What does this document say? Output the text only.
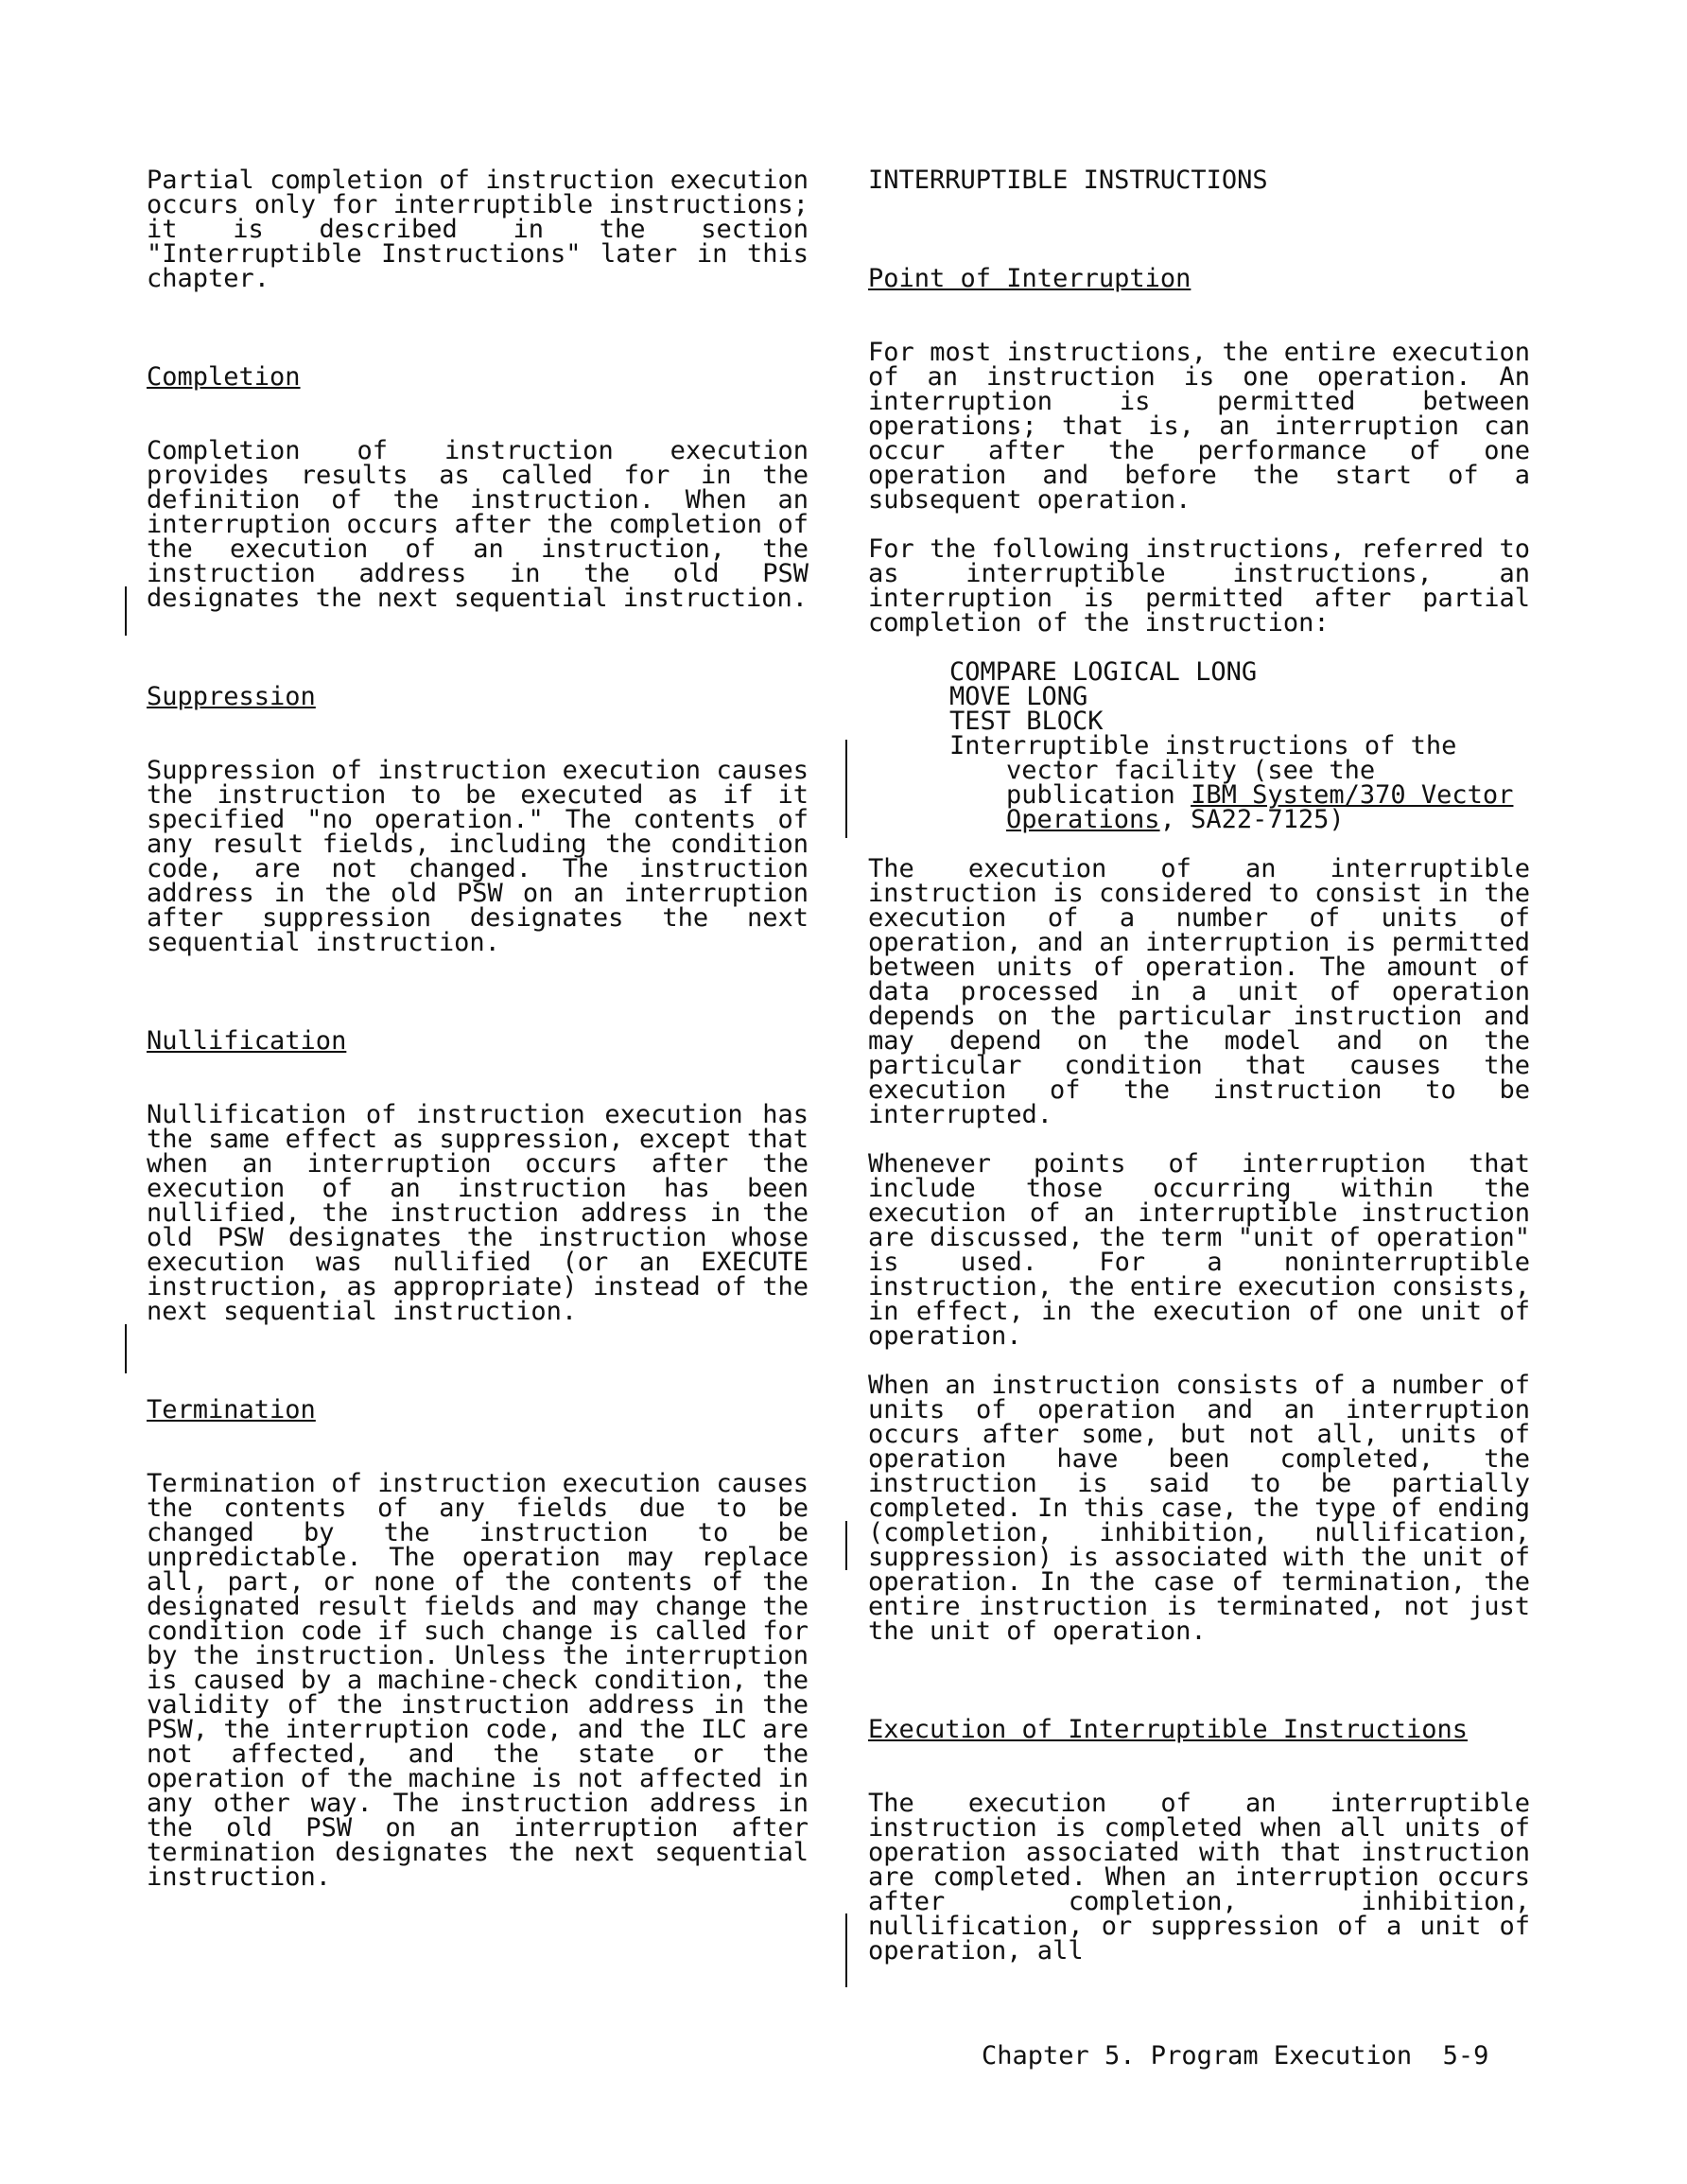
Partial completion of instruction execution occurs only for interruptible instructions; it is described in the section "Interruptible Instructions" later in this chapter.

Completion

Completion of instruction execution provides results as called for in the definition of the instruction. When an interruption occurs after the completion of the execution of an instruction, the instruction address in the old PSW designates the next sequential instruction.

Suppression

Suppression of instruction execution causes the instruction to be executed as if it specified "no operation." The contents of any result fields, including the condition code, are not changed. The instruction address in the old PSW on an interruption after suppression designates the next sequential instruction.

Nullification

Nullification of instruction execution has the same effect as suppression, except that when an interruption occurs after the execution of an instruction has been nullified, the instruction address in the old PSW designates the instruction whose execution was nullified (or an EXECUTE instruction, as appropriate) instead of the next sequential instruction.

Termination

Termination of instruction execution causes the contents of any fields due to be changed by the instruction to be unpredictable. The operation may replace all, part, or none of the contents of the designated result fields and may change the condition code if such change is called for by the instruction. Unless the interruption is caused by a machine-check condition, the validity of the instruction address in the PSW, the interruption code, and the ILC are not affected, and the state or the operation of the machine is not affected in any other way. The instruction address in the old PSW on an interruption after termination designates the next sequential instruction.

INTERRUPTIBLE INSTRUCTIONS
Point of Interruption

For most instructions, the entire execution of an instruction is one operation. An interruption is permitted between operations; that is, an interruption can occur after the performance of one operation and before the start of a subsequent operation.

For the following instructions, referred to as interruptible instructions, an interruption is permitted after partial completion of the instruction:

COMPARE LOGICAL LONG
MOVE LONG
TEST BLOCK
Interruptible instructions of the vector facility (see the publication IBM System/370 Vector Operations, SA22-7125)

The execution of an interruptible instruction is considered to consist in the execution of a number of units of operation, and an interruption is permitted between units of operation. The amount of data processed in a unit of operation depends on the particular instruction and may depend on the model and on the particular condition that causes the execution of the instruction to be interrupted.

Whenever points of interruption that include those occurring within the execution of an interruptible instruction are discussed, the term "unit of operation" is used. For a noninterruptible instruction, the entire execution consists, in effect, in the execution of one unit of operation.

When an instruction consists of a number of units of operation and an interruption occurs after some, but not all, units of operation have been completed, the instruction is said to be partially completed. In this case, the type of ending (completion, inhibition, nullification, suppression) is associated with the unit of operation. In the case of termination, the entire instruction is terminated, not just the unit of operation.

Execution of Interruptible Instructions

The execution of an interruptible instruction is completed when all units of operation associated with that instruction are completed. When an interruption occurs after completion, inhibition, nullification, or suppression of a unit of operation, all

Chapter 5. Program Execution 5-9
